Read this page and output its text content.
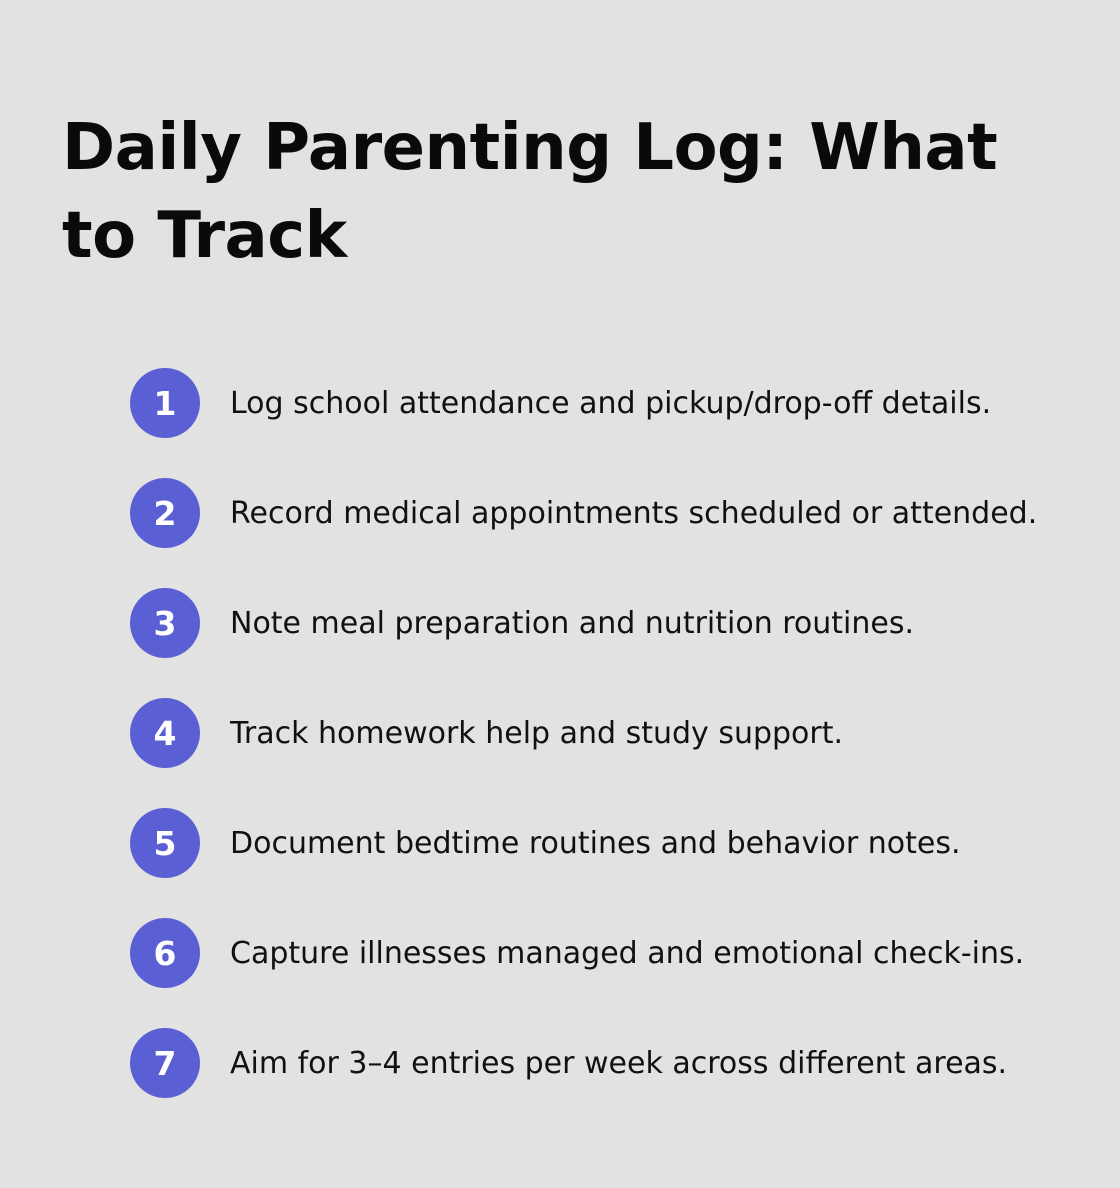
Daily Parenting Log: What to Track
1	Log school attendance and pickup/drop-off details.
2	Record medical appointments scheduled or attended.
3	Note meal preparation and nutrition routines.
4	Track homework help and study support.
5	Document bedtime routines and behavior notes.
6	Capture illnesses managed and emotional check-ins.
7	Aim for 3–4 entries per week across different areas.
